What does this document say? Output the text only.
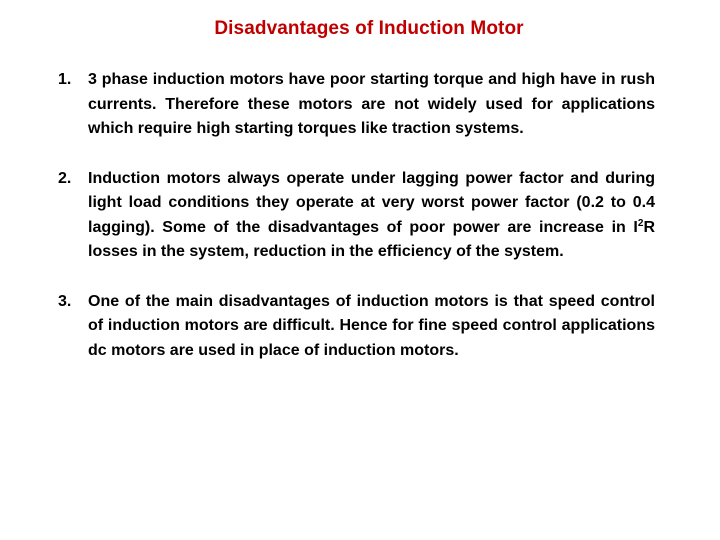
Disadvantages of Induction Motor
1. 3 phase induction motors have poor starting torque and high have in rush currents. Therefore these motors are not widely used for applications which require high starting torques like traction systems.
2. Induction motors always operate under lagging power factor and during light load conditions they operate at very worst power factor (0.2 to 0.4 lagging). Some of the disadvantages of poor power are increase in $I^2R$ losses in the system, reduction in the efficiency of the system.
3. One of the main disadvantages of induction motors is that speed control of induction motors are difficult. Hence for fine speed control applications dc motors are used in place of induction motors.
